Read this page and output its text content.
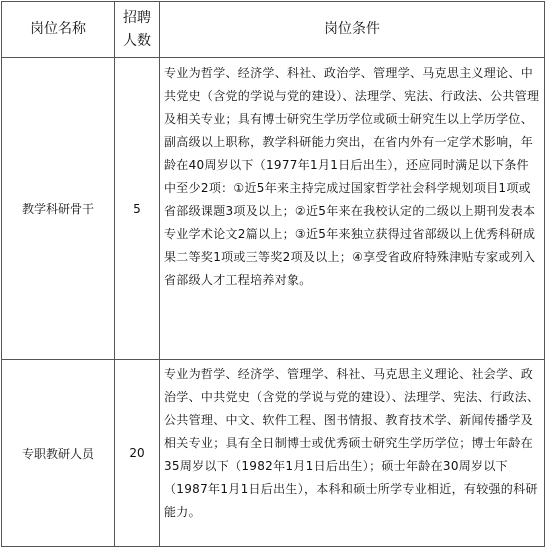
岗位名称	招聘人数	岗位条件
教学科研骨干	5	专业为哲学、经济学、科社、政治学、管理学、马克思主义理论、中共党史（含党的学说与党的建设）、法理学、宪法、行政法、公共管理及相关专业；具有博士研究生学历学位或硕士研究生以上学历学位、副高级以上职称，教学科研能力突出，在省内外有一定学术影响，年龄在40周岁以下（1977年1月1日后出生），还应同时满足以下条件中至少2项：①近5年来主持完成过国家哲学社会科学规划项目1项或省部级课题3项及以上；②近5年来在我校认定的二级以上期刊发表本专业学术论文2篇以上；③近5年来独立获得过省部级以上优秀科研成果二等奖1项或三等奖2项及以上；④享受省政府特殊津贴专家或列入省部级人才工程培养对象。
专职教研人员	20	专业为哲学、经济学、管理学、科社、马克思主义理论、社会学、政治学、中共党史（含党的学说与党的建设）、法理学、宪法、行政法、公共管理、中文、软件工程、图书情报、教育技术学、新闻传播学及相关专业；具有全日制博士或优秀硕士研究生学历学位；博士年龄在35周岁以下（1982年1月1日后出生）；硕士年龄在30周岁以下（1987年1月1日后出生），本科和硕士所学专业相近，有较强的科研能力。
